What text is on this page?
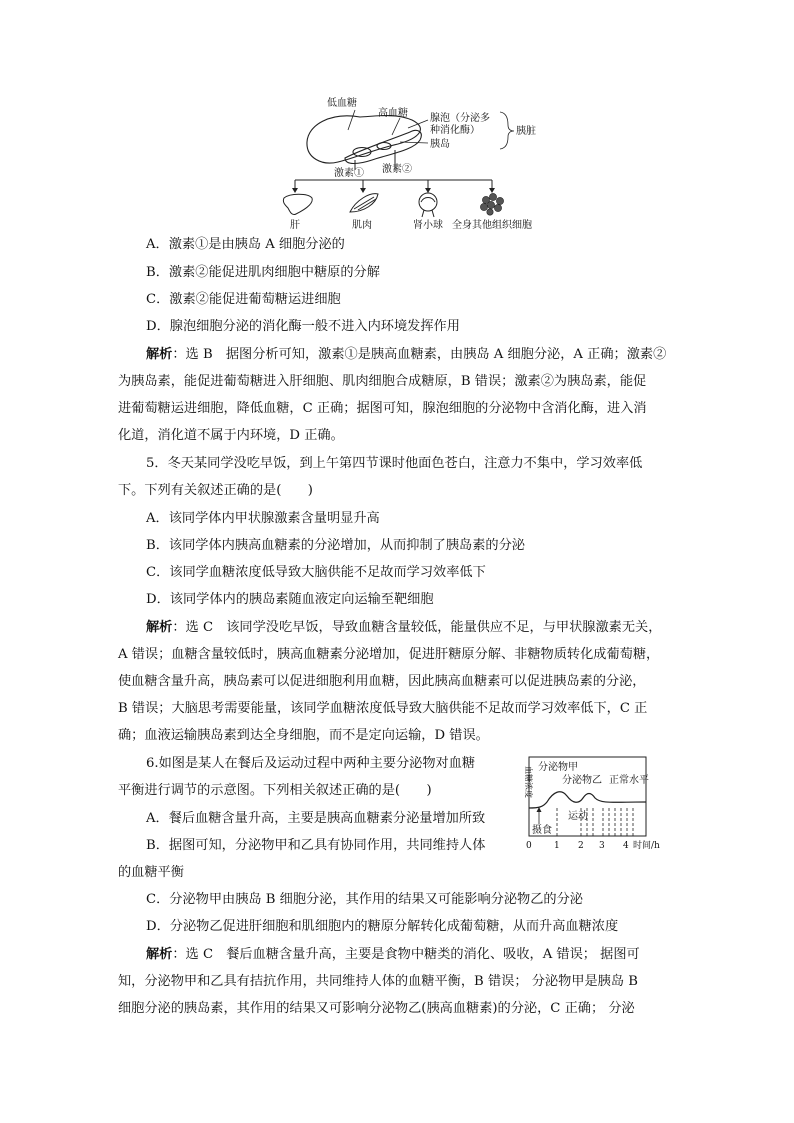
低血糖
高血糖 腺泡（分泌多
种消化酶）	胰脏
胰岛
激素① 激素②
肝	肌肉	肾小球 全身其他组织细胞
A．激素①是由胰岛 A 细胞分泌的
B．激素②能促进肌肉细胞中糖原的分解
C．激素②能促进葡萄糖运进细胞
D．腺泡细胞分泌的消化酶一般不进入内环境发挥作用
解析：选 B　据图分析可知，激素①是胰高血糖素，由胰岛 A 细胞分泌，A 正确；激素②
为胰岛素，能促进葡萄糖进入肝细胞、肌肉细胞合成糖原，B 错误；激素②为胰岛素，能促
进葡萄糖运进细胞，降低血糖，C 正确；据图可知，腺泡细胞的分泌物中含消化酶，进入消
化道，消化道不属于内环境，D 正确。
5．冬天某同学没吃早饭，到上午第四节课时他面色苍白，注意力不集中，学习效率低
下。下列有关叙述正确的是(　　)
A．该同学体内甲状腺激素含量明显升高
B．该同学体内胰高血糖素的分泌增加，从而抑制了胰岛素的分泌
C．该同学血糖浓度低导致大脑供能不足故而学习效率低下
D．该同学体内的胰岛素随血液定向运输至靶细胞
解析：选 C　该同学没吃早饭，导致血糖含量较低，能量供应不足，与甲状腺激素无关，
A 错误；血糖含量较低时，胰高血糖素分泌增加，促进肝糖原分解、非糖物质转化成葡萄糖，
使血糖含量升高，胰岛素可以促进细胞利用血糖，因此胰高血糖素可以促进胰岛素的分泌，
B 错误；大脑思考需要能量，该同学血糖浓度低导致大脑供能不足故而学习效率低下，C 正
确；血液运输胰岛素到达全身细胞，而不是定向运输，D 错误。
6.如图是某人在餐后及运动过程中两种主要分泌物对血糖
平衡进行调节的示意图。下列相关叙述正确的是(　　)
A．餐后血糖含量升高，主要是胰高血糖素分泌量增加所致
B．据图可知，分泌物甲和乙具有协同作用，共同维持人体
的血糖平衡
C．分泌物甲由胰岛 B 细胞分泌，其作用的结果又可能影响分泌物乙的分泌
D．分泌物乙促进肝细胞和肌细胞内的糖原分解转化成葡萄糖，从而升高血糖浓度
解析：选 C　餐后血糖含量升高，主要是食物中糖类的消化、吸收，A 错误； 据图可
知，分泌物甲和乙具有拮抗作用，共同维持人体的血糖平衡，B 错误； 分泌物甲是胰岛 B
细胞分泌的胰岛素，其作用的结果又可影响分泌物乙(胰高血糖素)的分泌，C 正确； 分泌
血糖浓度 分泌物甲
分泌物乙 正常水平
摄食
运动
0 1 2 3 4 时间/h
